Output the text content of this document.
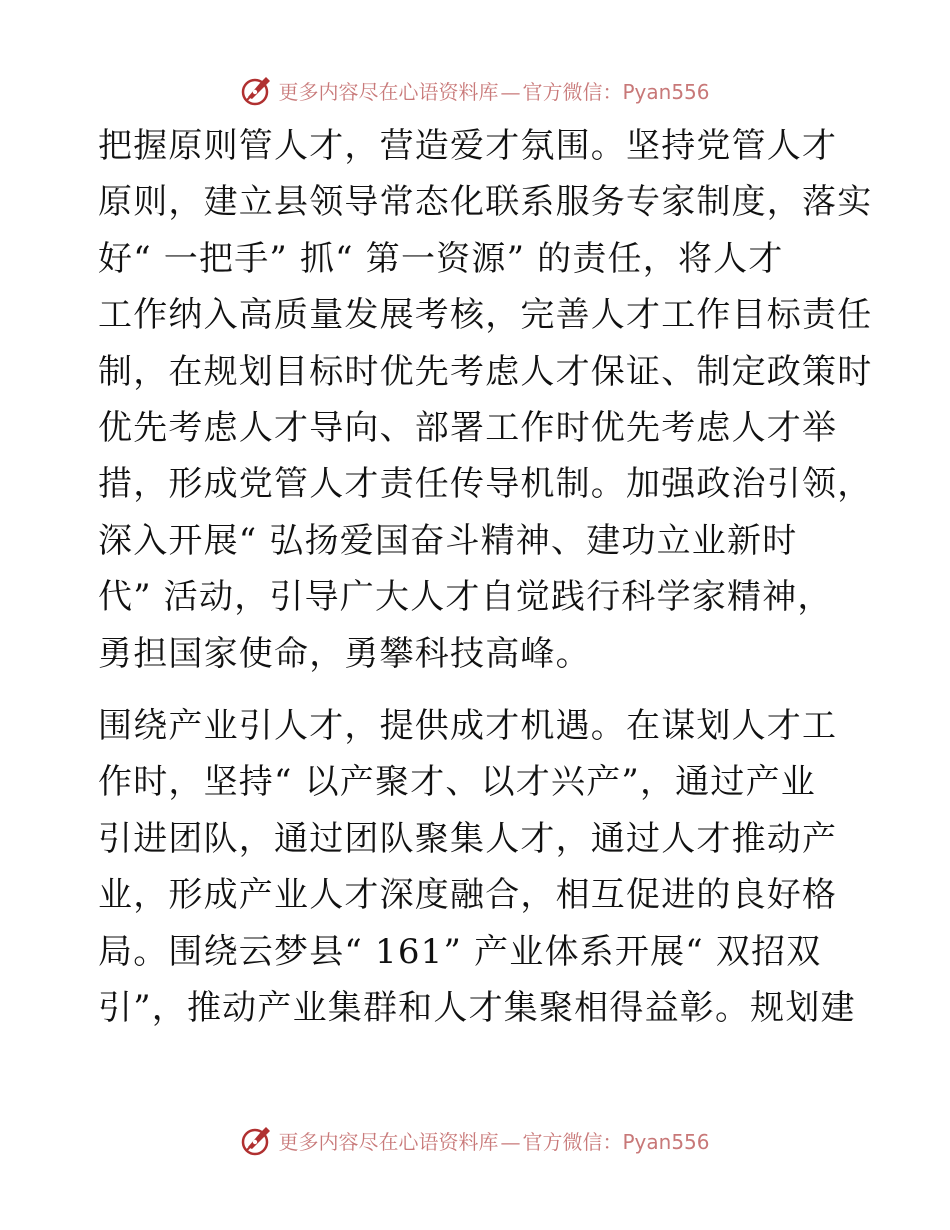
更多内容尽在心语资料库 — 官方微信：Pyan556

把握原则管人才，营造爱才氛围。坚持党管人才
原则，建立县领导常态化联系服务专家制度，落实
好“ 一把手” 抓“ 第一资源” 的责任，将人才
工作纳入高质量发展考核，完善人才工作目标责任
制，在规划目标时优先考虑人才保证、制定政策时
优先考虑人才导向、部署工作时优先考虑人才举
措，形成党管人才责任传导机制。加强政治引领，
深入开展“ 弘扬爱国奋斗精神、建功立业新时
代” 活动，引导广大人才自觉践行科学家精神，
勇担国家使命，勇攀科技高峰。

围绕产业引人才，提供成才机遇。在谋划人才工
作时，坚持“ 以产聚才、以才兴产”，通过产业
引进团队，通过团队聚集人才，通过人才推动产
业，形成产业人才深度融合，相互促进的良好格
局。围绕云梦县“ 161” 产业体系开展“ 双招双
引”，推动产业集群和人才集聚相得益彰。规划建

更多内容尽在心语资料库 — 官方微信：Pyan556
